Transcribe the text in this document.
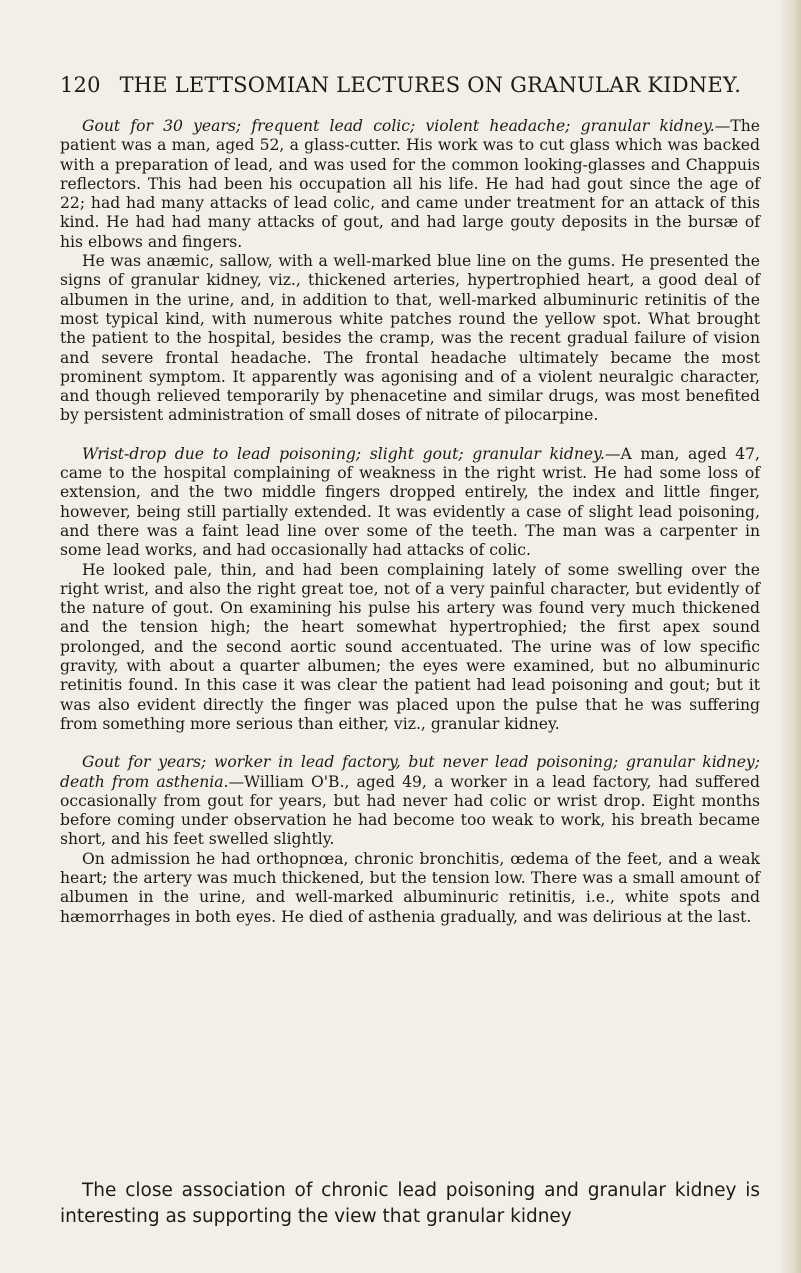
120 THE LETTSOMIAN LECTURES ON GRANULAR KIDNEY.

Gout for 30 years; frequent lead colic; violent headache; granular kidney.—The patient was a man, aged 52, a glass-cutter. His work was to cut glass which was backed with a preparation of lead, and was used for the common looking-glasses and Chappuis reflectors. This had been his occupation all his life. He had had gout since the age of 22; had had many attacks of lead colic, and came under treatment for an attack of this kind. He had had many attacks of gout, and had large gouty deposits in the bursæ of his elbows and fingers.

He was anæmic, sallow, with a well-marked blue line on the gums. He presented the signs of granular kidney, viz., thickened arteries, hypertrophied heart, a good deal of albumen in the urine, and, in addition to that, well-marked albuminuric retinitis of the most typical kind, with numerous white patches round the yellow spot. What brought the patient to the hospital, besides the cramp, was the recent gradual failure of vision and severe frontal headache. The frontal headache ultimately became the most prominent symptom. It apparently was agonising and of a violent neuralgic character, and though relieved temporarily by phenacetine and similar drugs, was most benefited by persistent administration of small doses of nitrate of pilocarpine.

Wrist-drop due to lead poisoning; slight gout; granular kidney.—A man, aged 47, came to the hospital complaining of weakness in the right wrist. He had some loss of extension, and the two middle fingers dropped entirely, the index and little finger, however, being still partially extended. It was evidently a case of slight lead poisoning, and there was a faint lead line over some of the teeth. The man was a carpenter in some lead works, and had occasionally had attacks of colic.

He looked pale, thin, and had been complaining lately of some swelling over the right wrist, and also the right great toe, not of a very painful character, but evidently of the nature of gout. On examining his pulse his artery was found very much thickened and the tension high; the heart somewhat hypertrophied; the first apex sound prolonged, and the second aortic sound accentuated. The urine was of low specific gravity, with about a quarter albumen; the eyes were examined, but no albuminuric retinitis found. In this case it was clear the patient had lead poisoning and gout; but it was also evident directly the finger was placed upon the pulse that he was suffering from something more serious than either, viz., granular kidney.

Gout for years; worker in lead factory, but never lead poisoning; granular kidney; death from asthenia.—William O'B., aged 49, a worker in a lead factory, had suffered occasionally from gout for years, but had never had colic or wrist drop. Eight months before coming under observation he had become too weak to work, his breath became short, and his feet swelled slightly.

On admission he had orthopnœa, chronic bronchitis, œdema of the feet, and a weak heart; the artery was much thickened, but the tension low. There was a small amount of albumen in the urine, and well-marked albuminuric retinitis, i.e., white spots and hæmorrhages in both eyes. He died of asthenia gradually, and was delirious at the last.

The close association of chronic lead poisoning and granular kidney is interesting as supporting the view that granular kidney
